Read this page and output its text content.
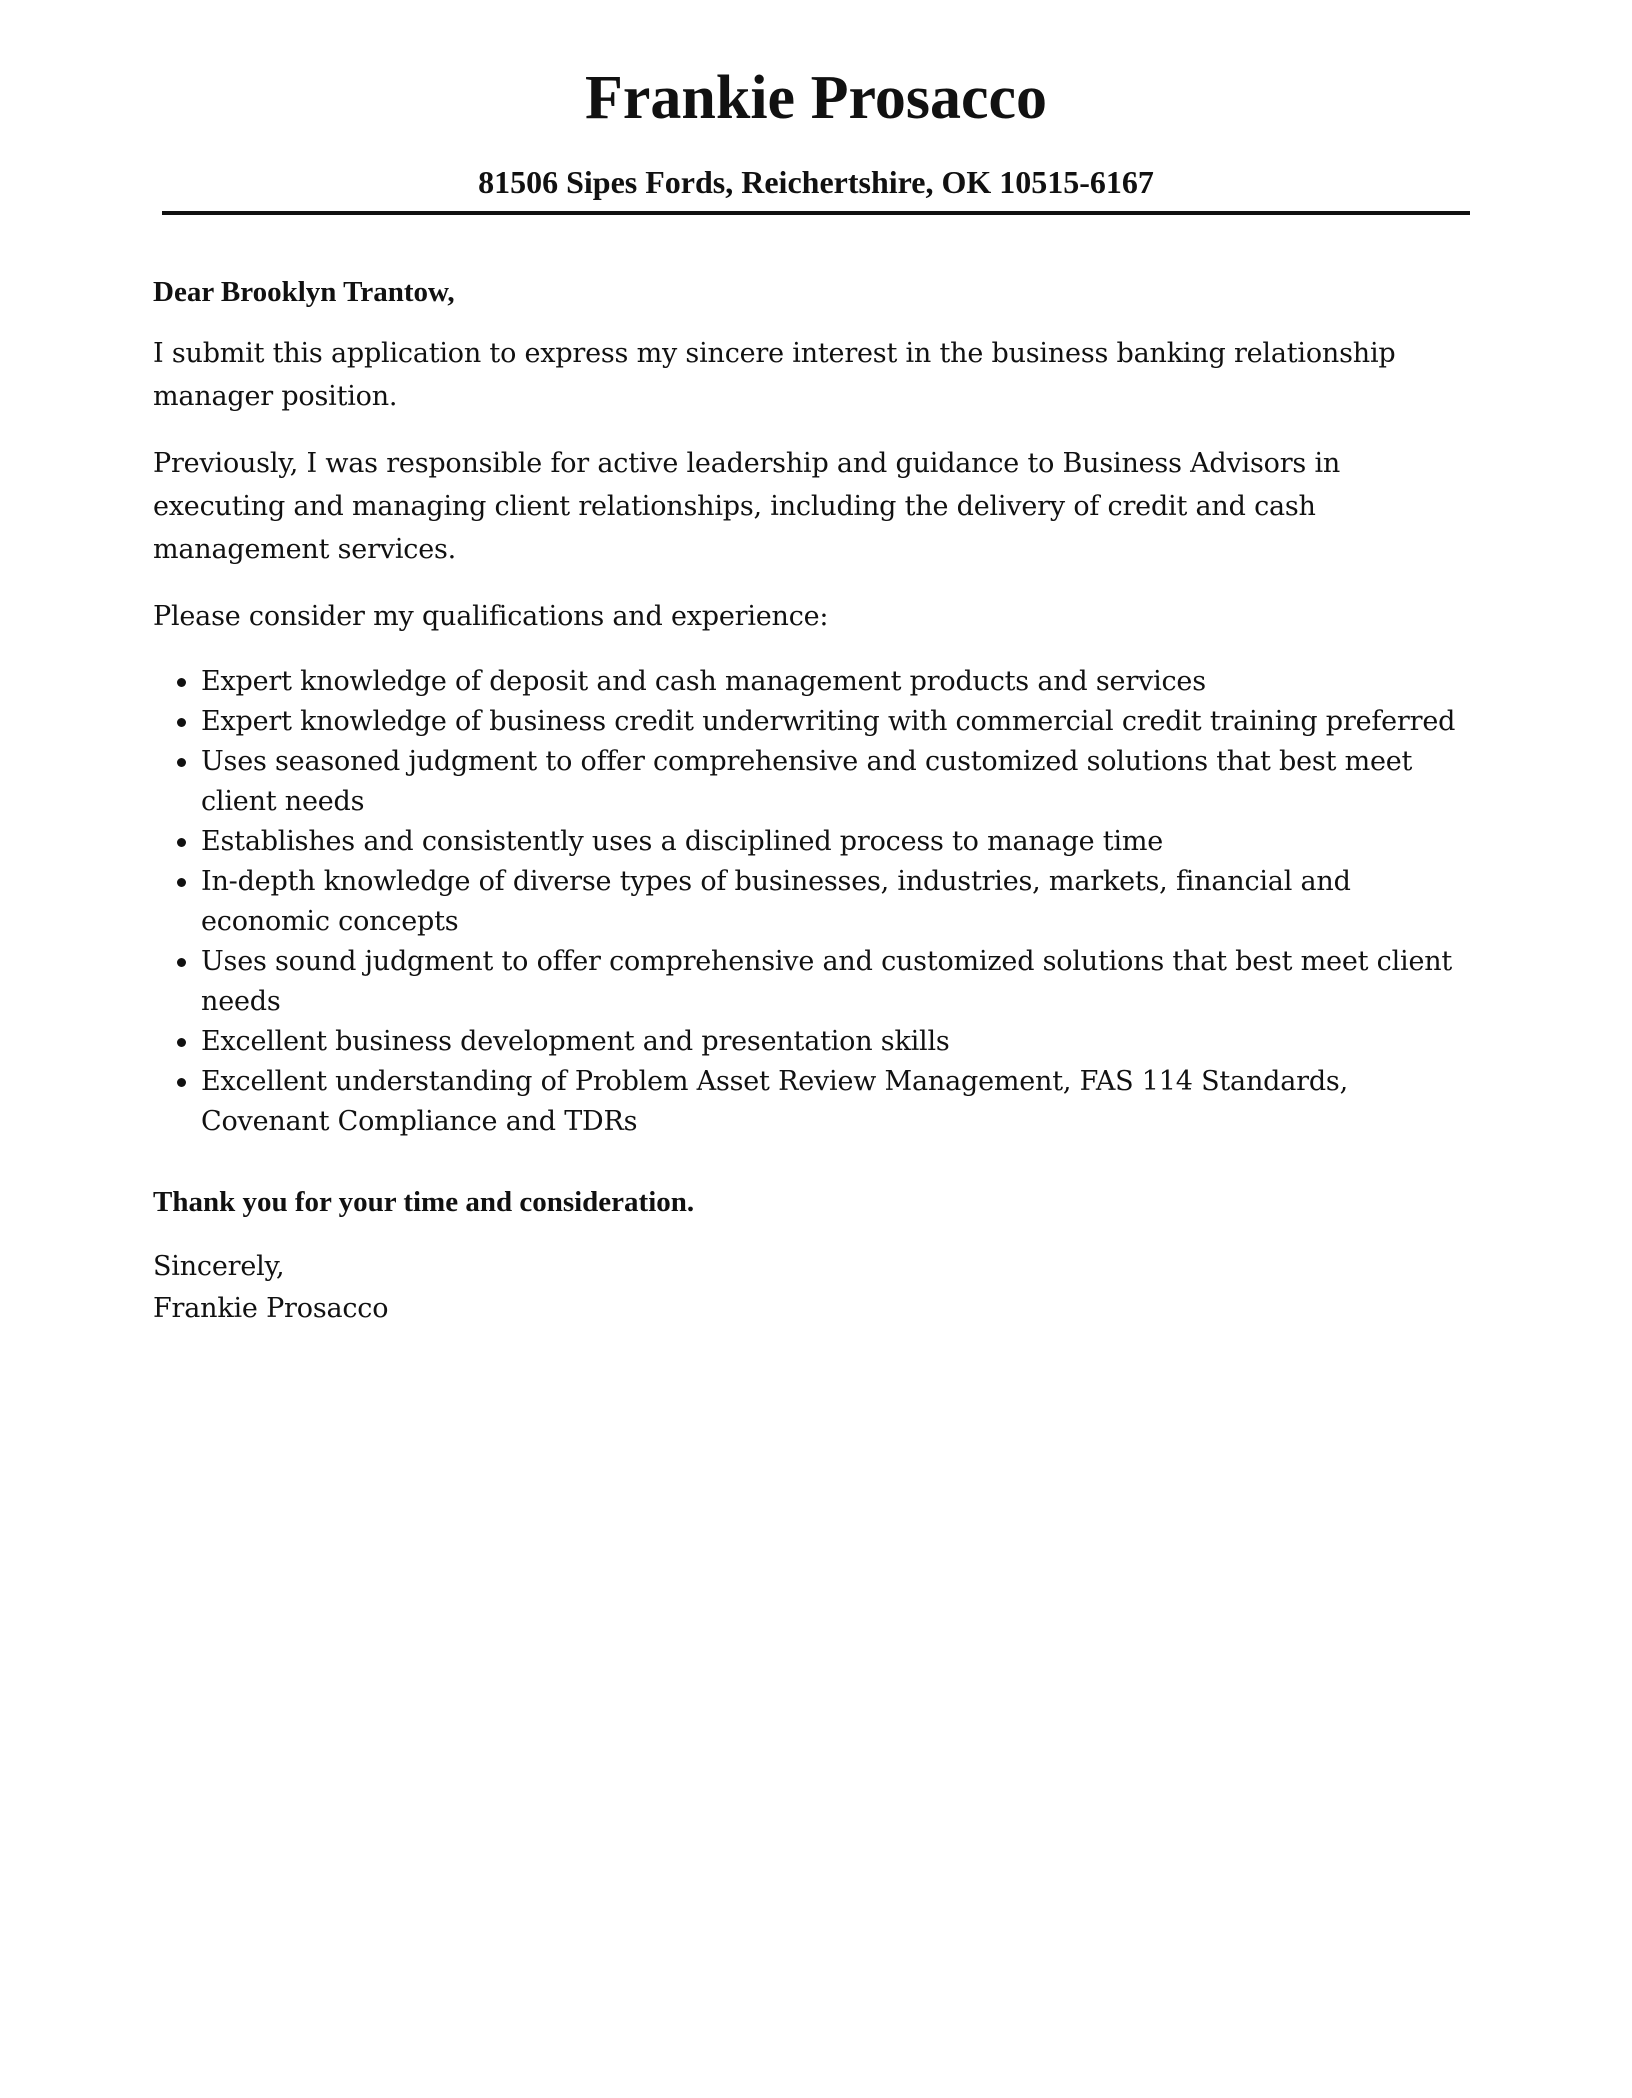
Frankie Prosacco

81506 Sipes Fords, Reichertshire, OK 10515-6167

Dear Brooklyn Trantow,

I submit this application to express my sincere interest in the business banking relationship manager position.

Previously, I was responsible for active leadership and guidance to Business Advisors in executing and managing client relationships, including the delivery of credit and cash management services.

Please consider my qualifications and experience:

Expert knowledge of deposit and cash management products and services
Expert knowledge of business credit underwriting with commercial credit training preferred
Uses seasoned judgment to offer comprehensive and customized solutions that best meet client needs
Establishes and consistently uses a disciplined process to manage time
In-depth knowledge of diverse types of businesses, industries, markets, financial and economic concepts
Uses sound judgment to offer comprehensive and customized solutions that best meet client needs
Excellent business development and presentation skills
Excellent understanding of Problem Asset Review Management, FAS 114 Standards, Covenant Compliance and TDRs

Thank you for your time and consideration.

Sincerely,

Frankie Prosacco
